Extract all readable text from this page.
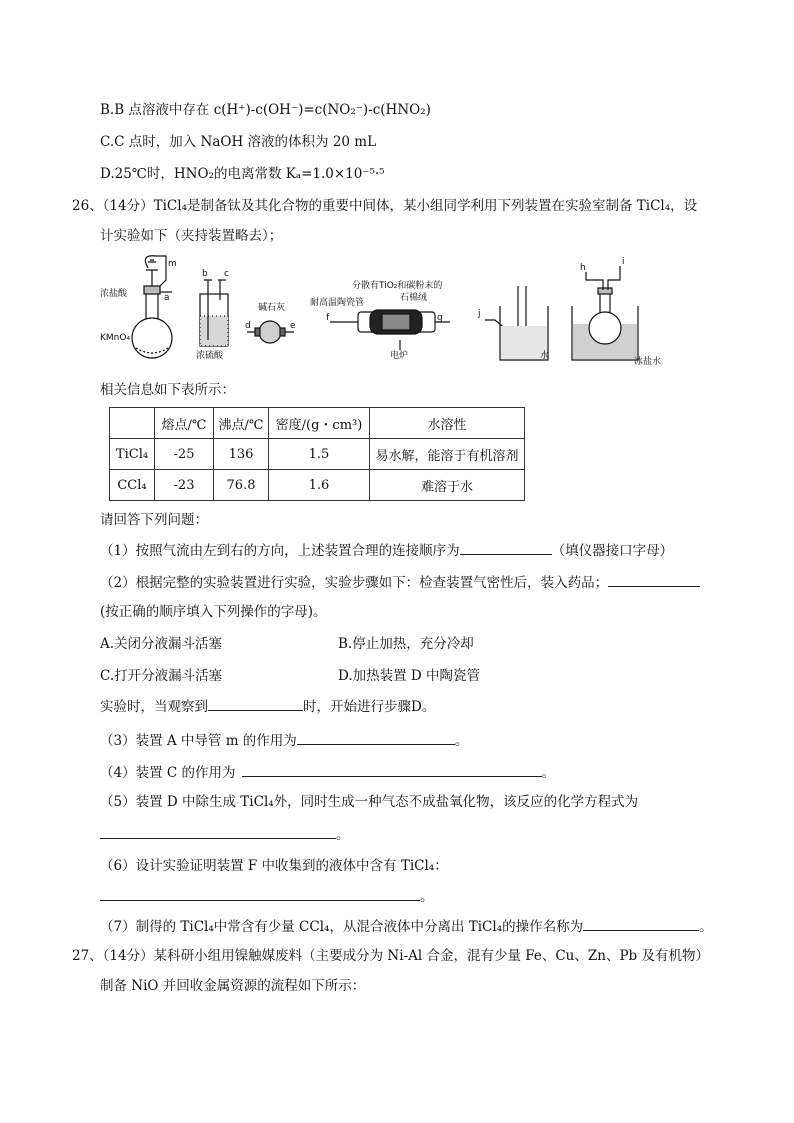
B.B 点溶液中存在 c(H⁺)-c(OH⁻)=c(NO₂⁻)-c(HNO₂)
C.C 点时，加入 NaOH 溶液的体积为 20 mL
D.25℃时，HNO₂的电离常数 Kₐ=1.0×10⁻⁵·⁵
26、（14分）TiCl₄是制备钛及其化合物的重要中间体，某小组同学利用下列装置在实验室制备 TiCl₄，设
计实验如下（夹持装置略去）；
m
浓盐酸	a
KMnO₄
b c
浓硫酸
碱石灰
d	e
分散有TiO₂和碳粉末的
耐高温陶瓷管	石棉绒
f	g
电炉
j
水
h
i
冰盐水
相关信息如下表所示：
	熔点/℃	沸点/℃	密度/(g・cm³)	水溶性
TiCl₄	-25	136	1.5	易水解，能溶于有机溶剂
CCl₄	-23	76.8	1.6	难溶于水
请回答下列问题：
（1）按照气流由左到右的方向，上述装置合理的连接顺序为	（填仪器接口字母）
（2）根据完整的实验装置进行实验，实验步骤如下：检查装置气密性后，装入药品；
(按正确的顺序填入下列操作的字母)。
A.关闭分液漏斗活塞	B.停止加热，充分冷却
C.打开分液漏斗活塞	D.加热装置 D 中陶瓷管
实验时，当观察到	时，开始进行步骤D。
（3）装置 A 中导管 m 的作用为	。
（4）装置 C 的作用为	。
（5）装置 D 中除生成 TiCl₄外，同时生成一种气态不成盐氧化物，该反应的化学方程式为
。
（6）设计实验证明装置 F 中收集到的液体中含有 TiCl₄：
。
（7）制得的 TiCl₄中常含有少量 CCl₄，从混合液体中分离出 TiCl₄的操作名称为	。
27、（14分）某科研小组用镍触媒废料（主要成分为 Ni-Al 合金，混有少量 Fe、Cu、Zn、Pb 及有机物）
制备 NiO 并回收金属资源的流程如下所示：
